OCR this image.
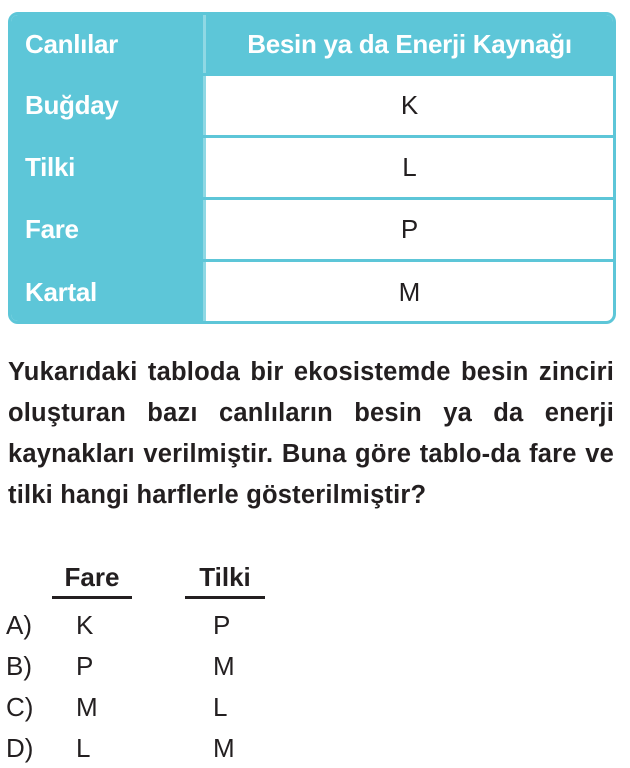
Canlılar	Besin ya da Enerji Kaynağı
Buğday	K
Tilki	L
Fare	P
Kartal	M
Yukarıdaki tabloda bir ekosistemde besin zinciri oluşturan bazı canlıların besin ya da enerji kaynakları verilmiştir. Buna göre tablo-da fare ve tilki hangi harflerle gösterilmiştir?
Fare	Tilki
A) K	P
B) P	M
C) M	L
D) L	M
